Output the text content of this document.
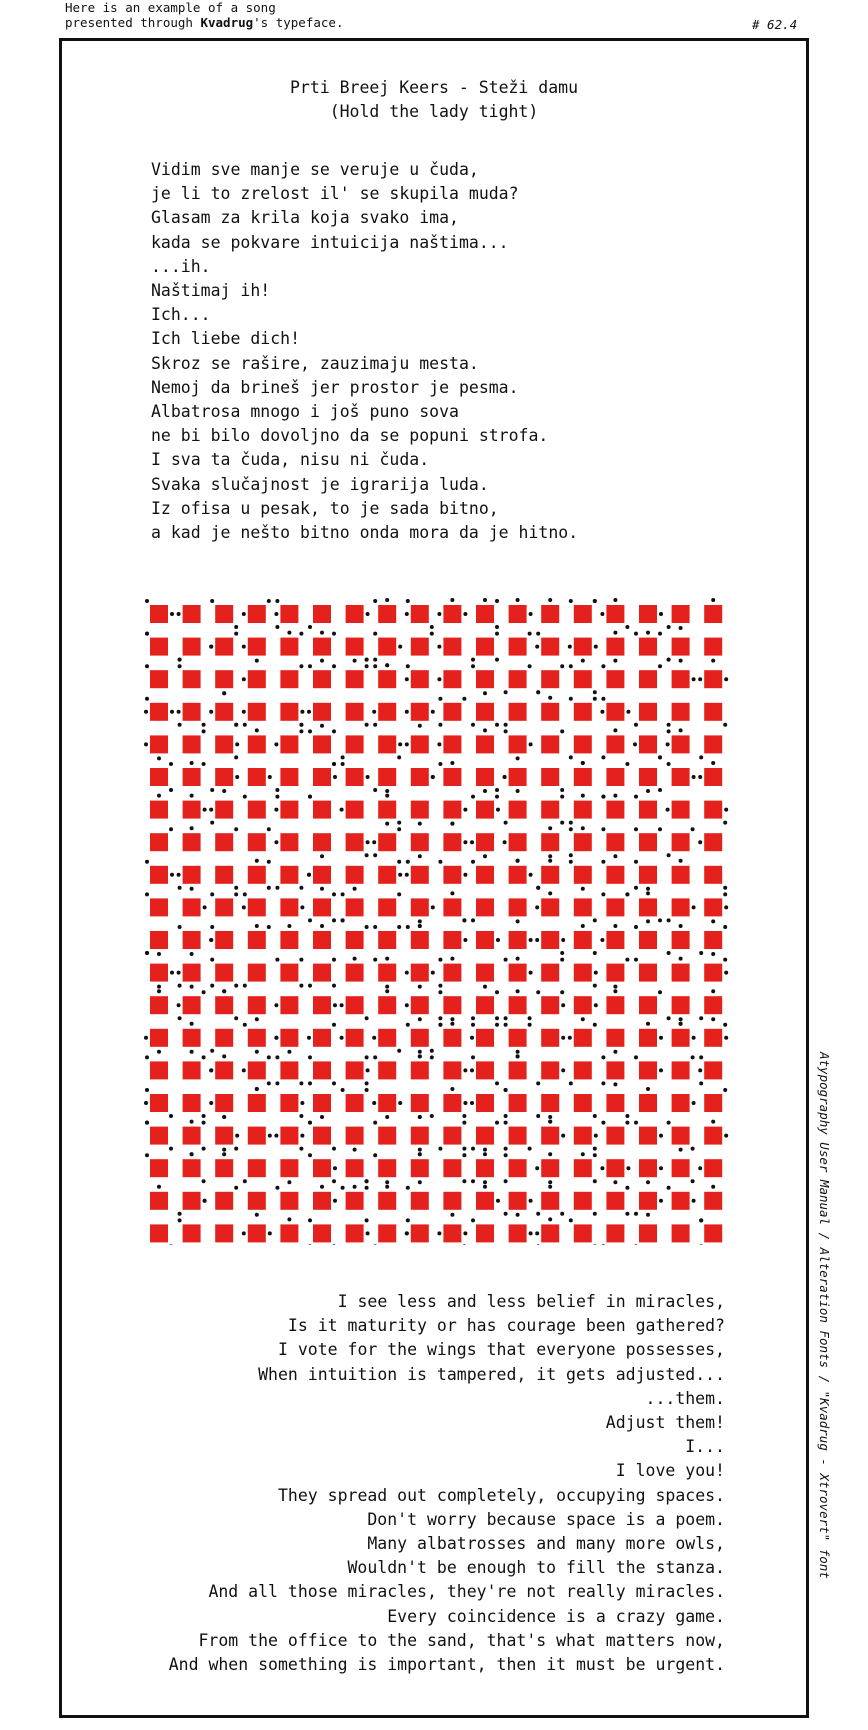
Here is an example of a song
presented through Kvadrug's typeface.	# 62.4
Prti Breej Keers - Steži damu
(Hold the lady tight)
Vidim sve manje se veruje u čuda,
je li to zrelost il' se skupila muda?
Glasam za krila koja svako ima,
kada se pokvare intuicija naštima...
...ih.
Naštimaj ih!
Ich...
Ich liebe dich!
Skroz se raširе, zauzimaju mesta.
Nemoj da brineš jer prostor je pesma.
Albatrosa mnogo i još puno sova
ne bi bilo dovoljno da se popuni strofa.
I sva ta čuda, nisu ni čuda.
Svaka slučajnost je igrarija luda.
Iz ofisa u pesak, to je sada bitno,
a kad je nešto bitno onda mora da je hitno.
I see less and less belief in miracles,
Is it maturity or has courage been gathered?
I vote for the wings that everyone possesses,
When intuition is tampered, it gets adjusted...
...them.
Adjust them!
I...
I love you!
They spread out completely, occupying spaces.
Don't worry because space is a poem.
Many albatrosses and many more owls,
Wouldn't be enough to fill the stanza.
And all those miracles, they're not really miracles.
Every coincidence is a crazy game.
From the office to the sand, that's what matters now,
And when something is important, then it must be urgent.
Atypography User Manual / Alteration Fonts / "Kvadrug - Xtrovert" font
